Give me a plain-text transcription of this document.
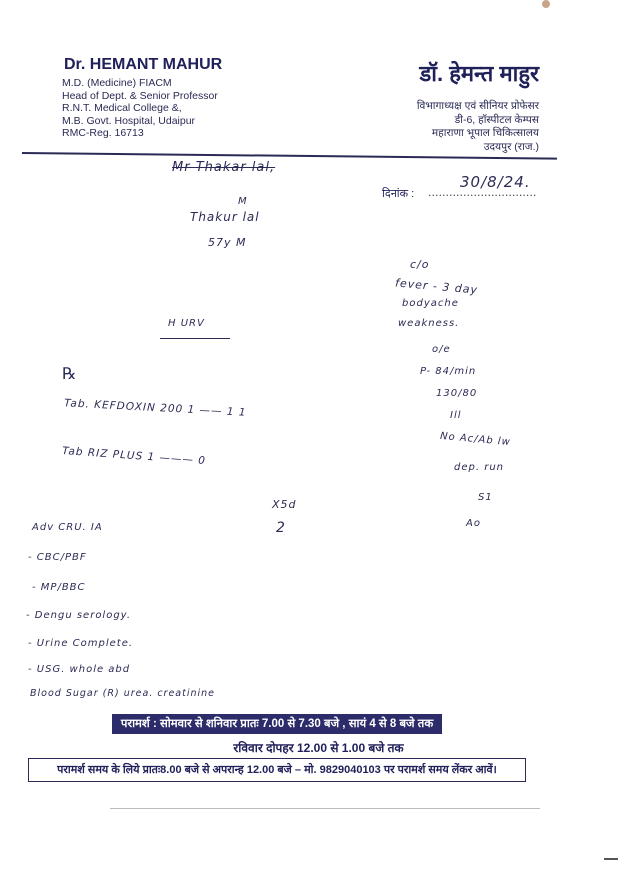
Dr. HEMANT MAHUR
M.D. (Medicine) FIACM
Head of Dept. & Senior Professor
R.N.T. Medical College &,
M.B. Govt. Hospital, Udaipur
RMC-Reg. 16713
डॉ. हेमन्त माहुर
विभागाध्यक्ष एवं सीनियर प्रोफेसर
डी-6, हॉस्पीटल केम्पस
महाराणा भूपाल चिकित्सालय
उदयपुर (राज.)
दिनांक : ...............................
30/8/24.
Mr Thakar lal,
M
Thakur lal
57y M
c/o
fever - 3 day
bodyache
weakness.
H URV
o/e
P- 84/min
130/80
Ill
No Ac/Ab lw
dep. run
S1
Ao
℞
Tab. KEFDOXIN 200 1 —— 1 1
Tab RIZ PLUS 1 ——— 0
X5d
2
Adv CRU. IA
- CBC/PBF
- MP/BBC
- Dengu serology.
- Urine Complete.
- USG. whole abd
Blood Sugar (R) urea. creatinine
परामर्श : सोमवार से शनिवार प्रातः 7.00 से 7.30 बजे , सायं 4 से 8 बजे तक
रविवार दोपहर 12.00 से 1.00 बजे तक
परामर्श समय के लिये प्रातः8.00 बजे से अपरान्ह 12.00 बजे – मो. 9829040103 पर परामर्श समय लेंकर आवें।
